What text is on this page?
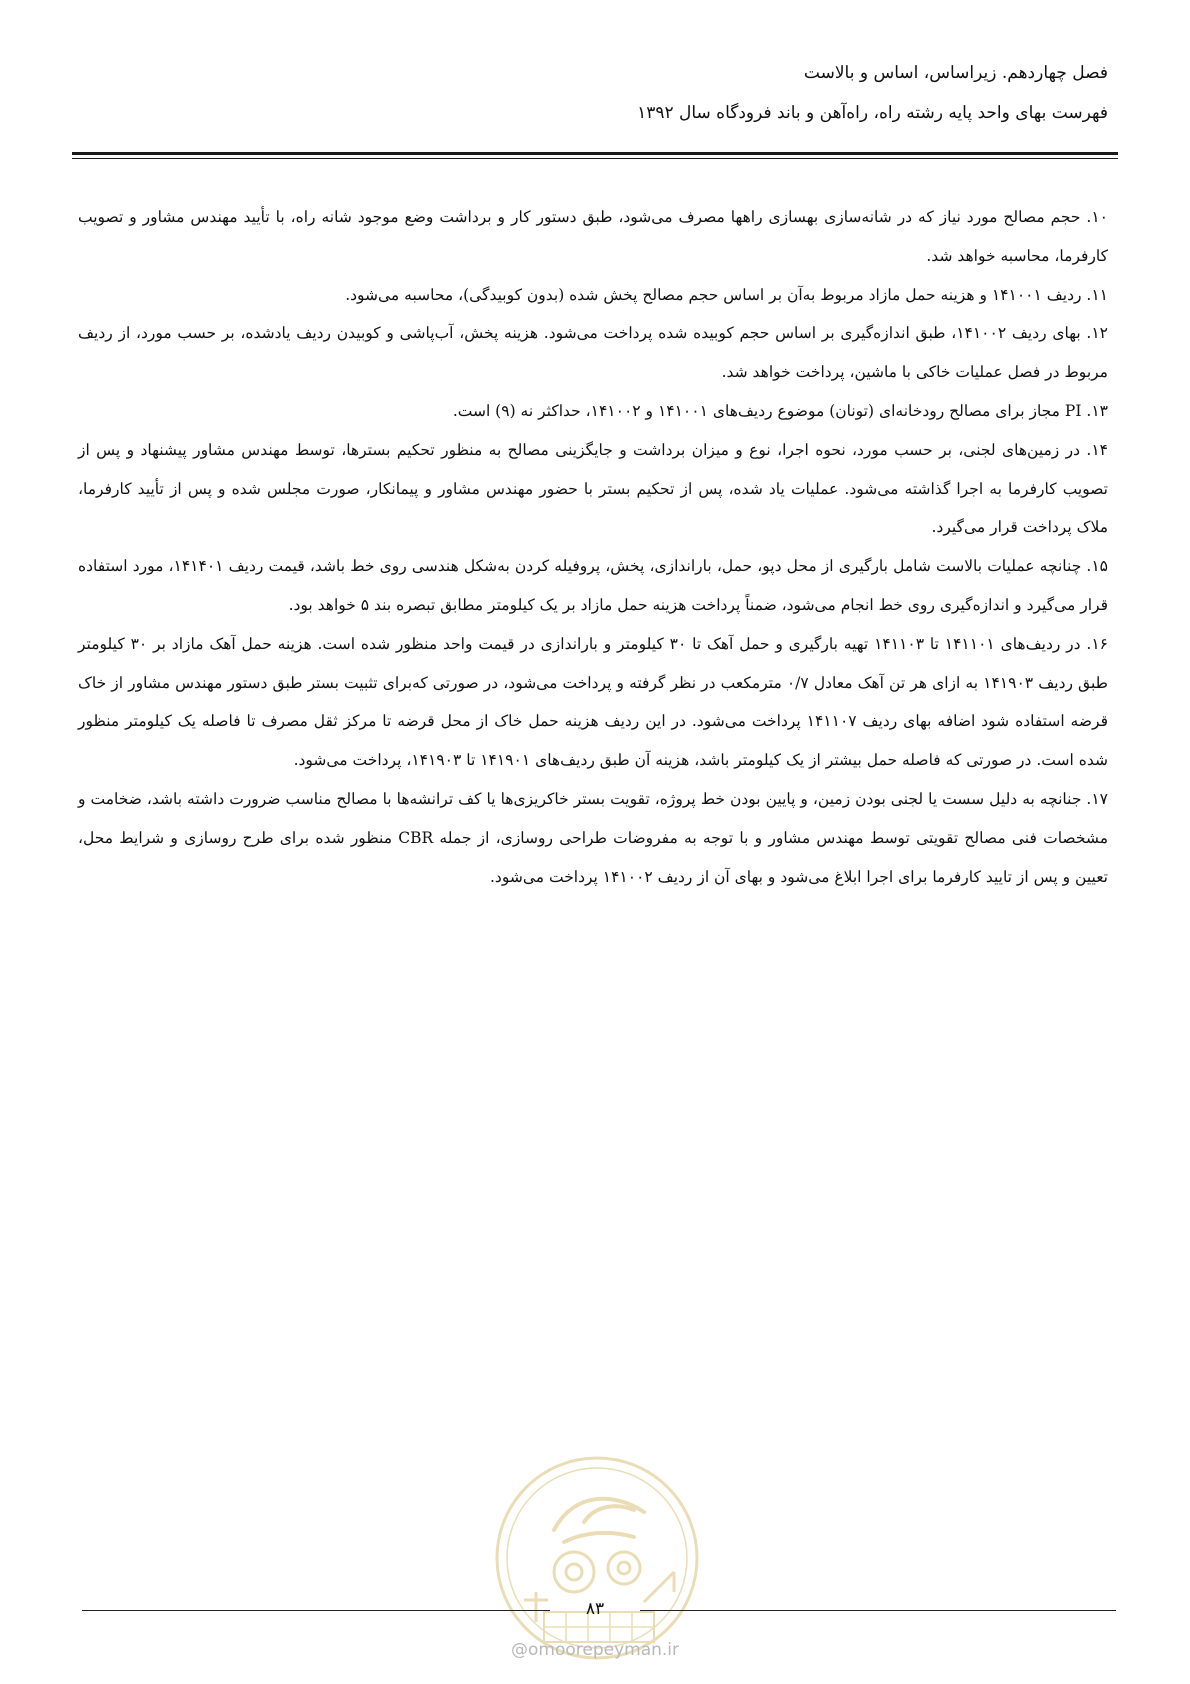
فصل چهاردهم. زیراساس، اساس و بالاست
فهرست بهای واحد پایه رشته راه، راه‌آهن و باند فرودگاه سال ۱۳۹۲

۱۰. حجم مصالح مورد نیاز که در شانه‌سازی بهسازی راهها مصرف می‌شود، طبق دستور کار و برداشت وضع موجود شانه راه، با تأیید مهندس مشاور و تصویب کارفرما، محاسبه خواهد شد.

۱۱. ردیف ۱۴۱۰۰۱ و هزینه حمل مازاد مربوط به‌آن بر اساس حجم مصالح پخش شده (بدون کوبیدگی)، محاسبه می‌شود.

۱۲. بهای ردیف ۱۴۱۰۰۲، طبق اندازه‌گیری بر اساس حجم کوبیده شده پرداخت می‌شود. هزینه پخش، آب‌پاشی و کوبیدن ردیف یادشده، بر حسب مورد، از ردیف مربوط در فصل عملیات خاکی با ماشین، پرداخت خواهد شد.

۱۳. PI مجاز برای مصالح رودخانه‌ای (تونان) موضوع ردیف‌های ۱۴۱۰۰۱ و ۱۴۱۰۰۲، حداکثر نه (۹) است.

۱۴. در زمین‌های لجنی، بر حسب مورد، نحوه اجرا، نوع و میزان برداشت و جایگزینی مصالح به منظور تحکیم بسترها، توسط مهندس مشاور پیشنهاد و پس از تصویب کارفرما به اجرا گذاشته می‌شود. عملیات یاد شده، پس از تحکیم بستر با حضور مهندس مشاور و پیمانکار، صورت مجلس شده و پس از تأیید کارفرما، ملاک پرداخت قرار می‌گیرد.

۱۵. چنانچه عملیات بالاست شامل بارگیری از محل دپو، حمل، باراندازی، پخش، پروفیله کردن به‌شکل هندسی روی خط باشد، قیمت ردیف ۱۴۱۴۰۱، مورد استفاده قرار می‌گیرد و اندازه‌گیری روی خط انجام می‌شود، ضمناً پرداخت هزینه حمل مازاد بر یک کیلومتر مطابق تبصره بند ۵ خواهد بود.

۱۶. در ردیف‌های ۱۴۱۱۰۱ تا ۱۴۱۱۰۳ تهیه بارگیری و حمل آهک تا ۳۰ کیلومتر و باراندازی در قیمت واحد منظور شده است. هزینه حمل آهک مازاد بر ۳۰ کیلومتر طبق ردیف ۱۴۱۹۰۳ به ازای هر تن آهک معادل ۰/۷ مترمکعب در نظر گرفته و پرداخت می‌شود، در صورتی که‌برای تثبیت بستر طبق دستور مهندس مشاور از خاک قرضه استفاده شود اضافه بهای ردیف ۱۴۱۱۰۷ پرداخت می‌شود. در این ردیف هزینه حمل خاک از محل قرضه تا مرکز ثقل مصرف تا فاصله یک کیلومتر منظور شده است. در صورتی که فاصله حمل بیشتر از یک کیلومتر باشد، هزینه آن طبق ردیف‌های ۱۴۱۹۰۱ تا ۱۴۱۹۰۳، پرداخت می‌شود.

۱۷. جنانچه به دلیل سست یا لجنی بودن زمین، و پایین بودن خط پروژه، تقویت بستر خاکریزی‌ها یا کف ترانشه‌ها با مصالح مناسب ضرورت داشته باشد، ضخامت و مشخصات فنی مصالح تقویتی توسط مهندس مشاور و با توجه به مفروضات طراحی روسازی، از جمله CBR منظور شده برای طرح روسازی و شرایط محل، تعیین و پس از تایید کارفرما برای اجرا ابلاغ می‌شود و بهای آن از ردیف ۱۴۱۰۰۲ پرداخت می‌شود.

۸۳
@omoorepeyman.ir
